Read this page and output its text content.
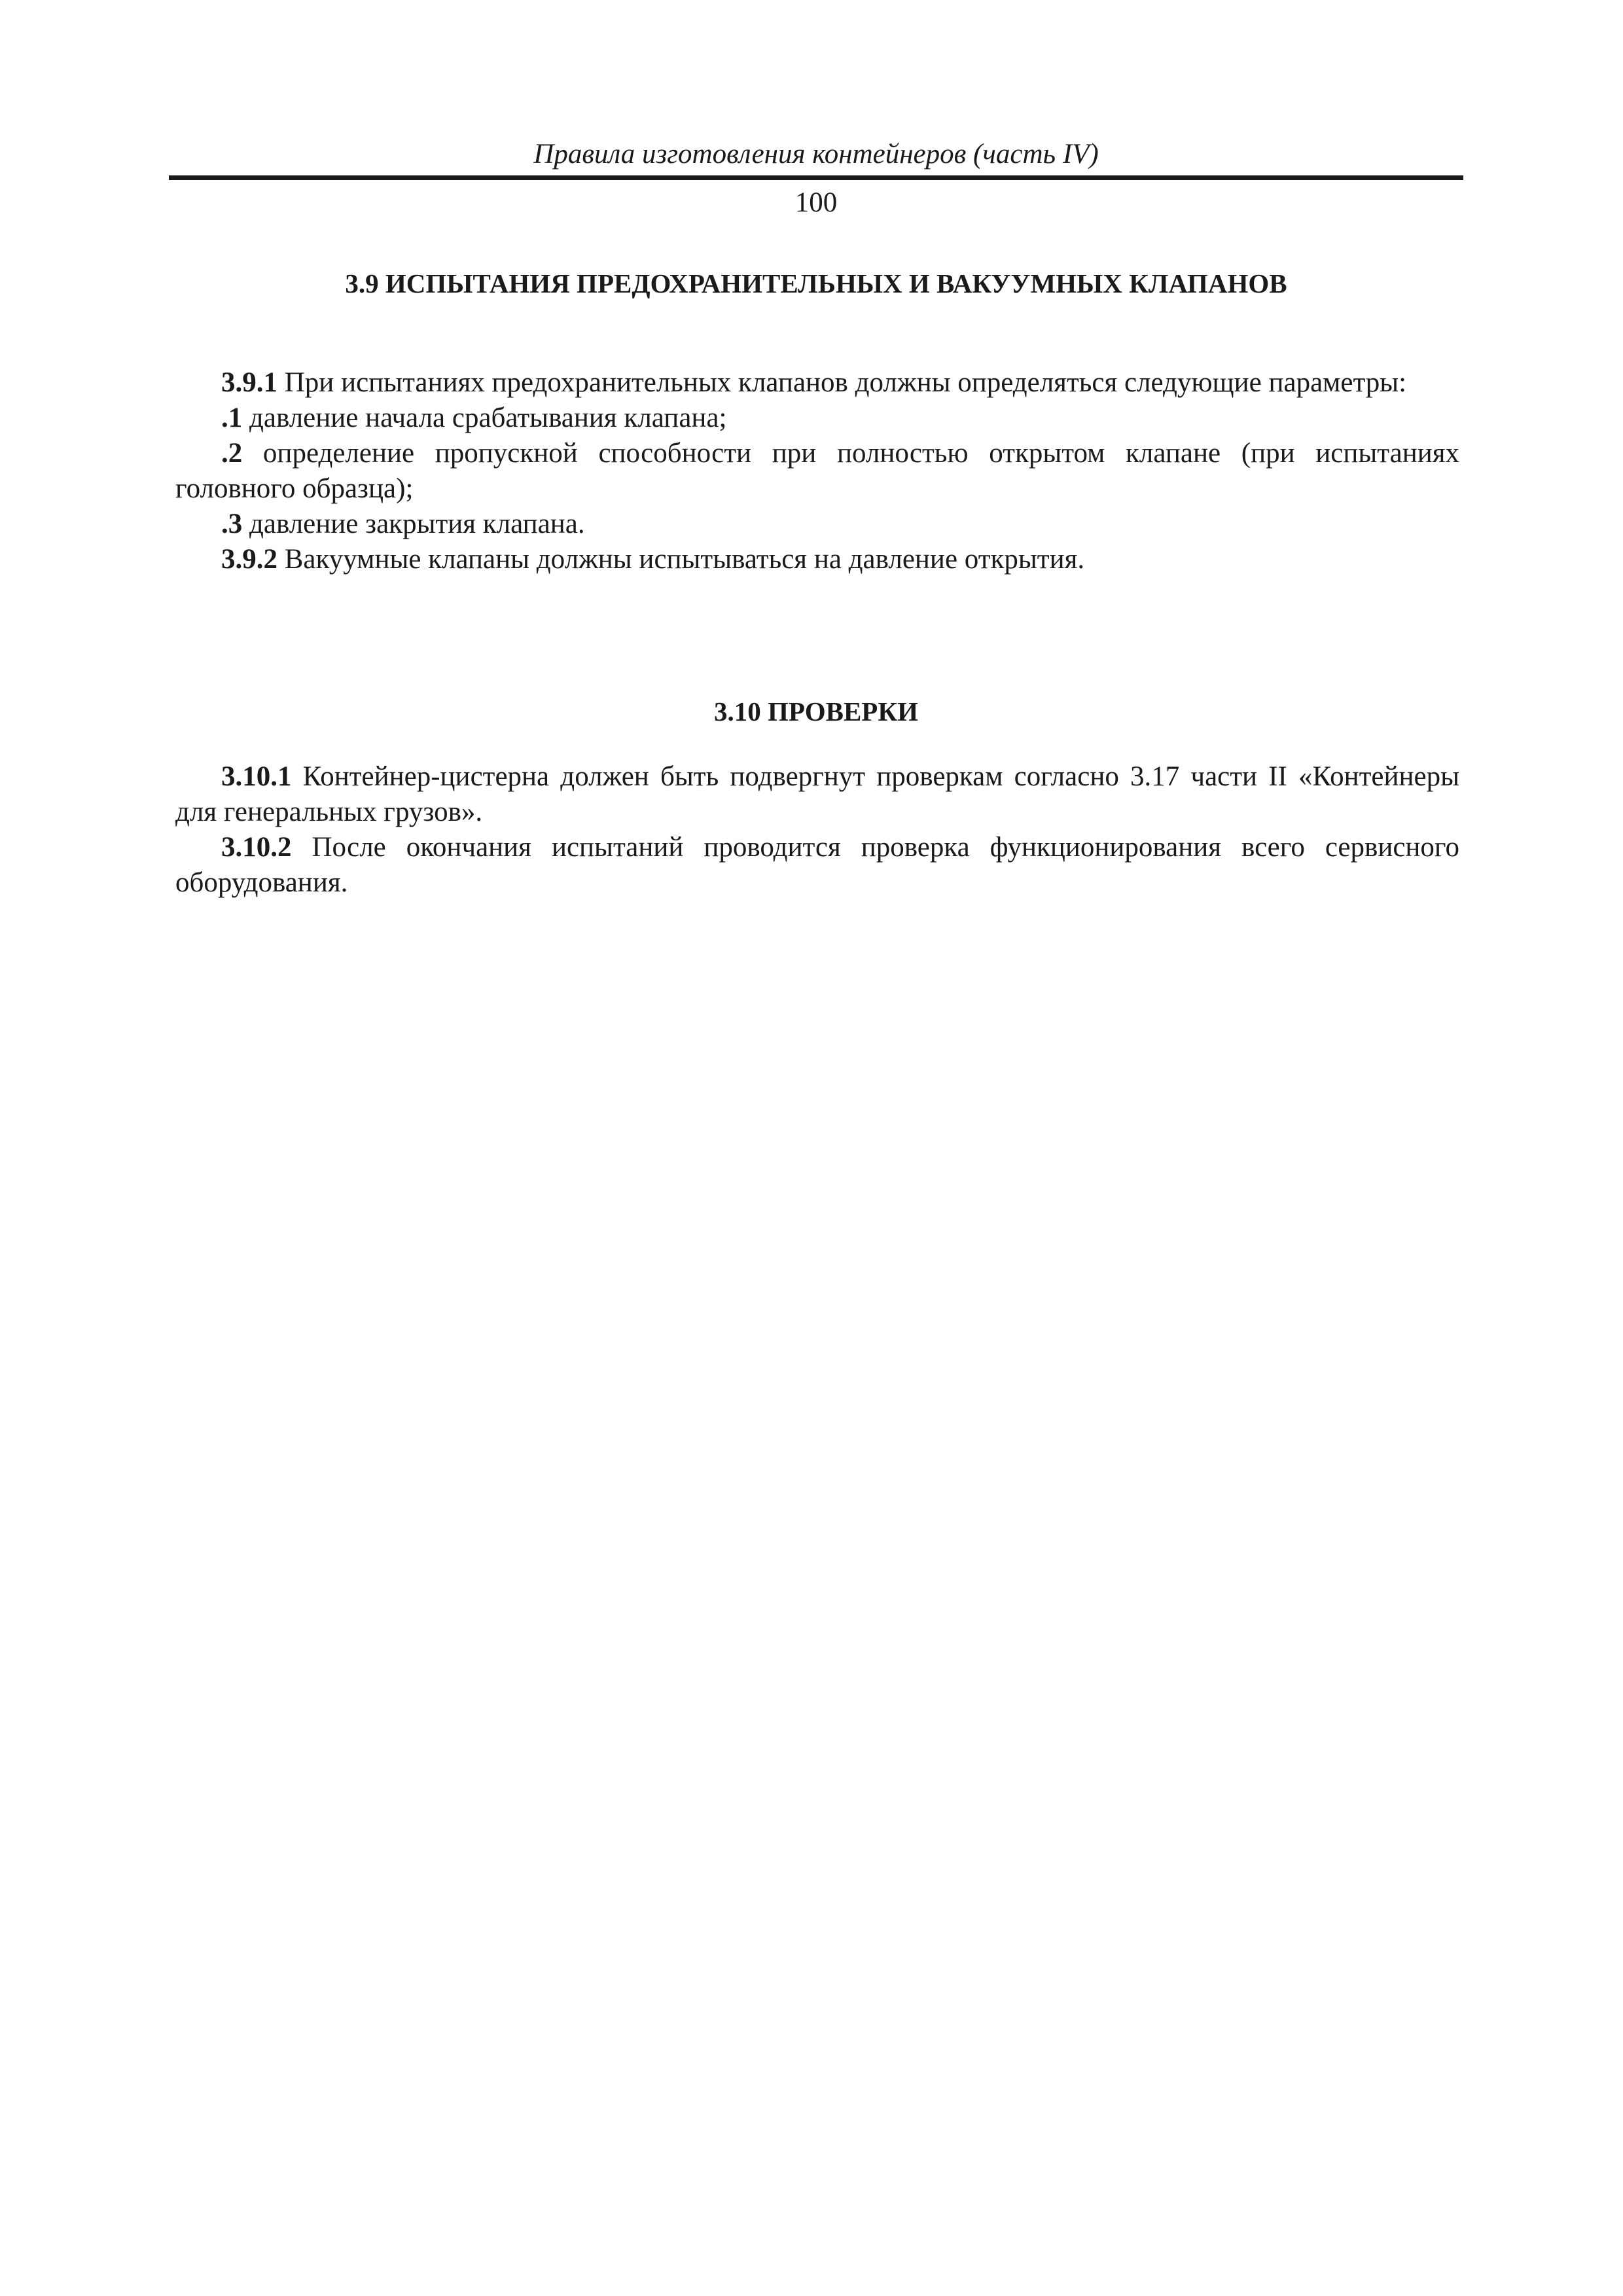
Правила изготовления контейнеров (часть IV)
100
3.9 ИСПЫТАНИЯ ПРЕДОХРАНИТЕЛЬНЫХ И ВАКУУМНЫХ КЛАПАНОВ

3.9.1 При испытаниях предохранительных клапанов должны определяться следующие параметры:

.1 давление начала срабатывания клапана;

.2 определение пропускной способности при полностью открытом клапане (при испытаниях головного образца);

.3 давление закрытия клапана.

3.9.2 Вакуумные клапаны должны испытываться на давление открытия.

3.10 ПРОВЕРКИ

3.10.1 Контейнер-цистерна должен быть подвергнут проверкам согласно 3.17 части II «Контейнеры для генеральных грузов».

3.10.2 После окончания испытаний проводится проверка функционирования всего сервисного оборудования.
